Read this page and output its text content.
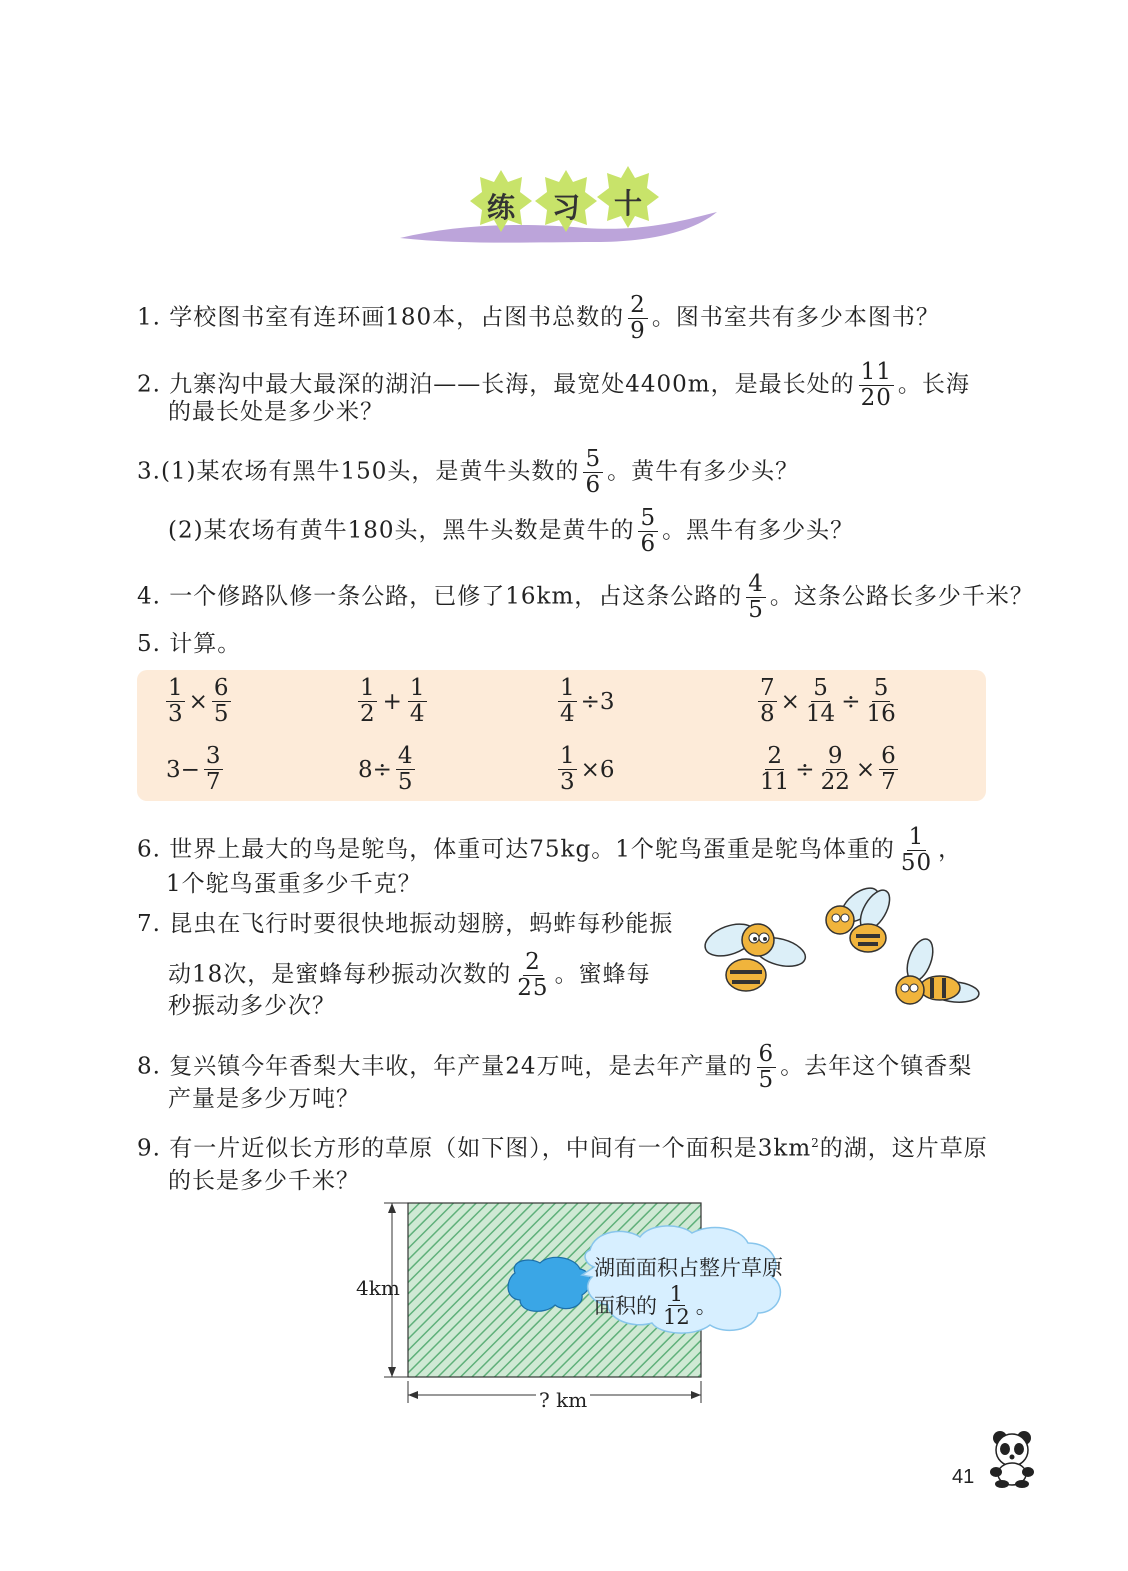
练	习	十
1. 学校图书室有连环画180本，占图书总数的 $\frac{2}{9}$ 。图书室共有多少本图书？
2. 九寨沟中最大最深的湖泊——长海，最宽处4400m，是最长处的 $\frac{11}{20}$ 。长海
的最长处是多少米？
3.(1)某农场有黑牛150头，是黄牛头数的 $\frac{5}{6}$ 。黄牛有多少头？
(2)某农场有黄牛180头，黑牛头数是黄牛的 $\frac{5}{6}$ 。黑牛有多少头？
4. 一个修路队修一条公路，已修了16km，占这条公路的 $\frac{4}{5}$ 。这条公路长多少千米？
5. 计算。
$\frac{1}{3} \times \frac{6}{5}$	$\frac{1}{2} + \frac{1}{4}$	$\frac{1}{4} \div 3$	$\frac{7}{8} \times \frac{5}{14} \div \frac{5}{16}$
$3- \frac{3}{7}$	$8\div \frac{4}{5}$	$\frac{1}{3} \times 6$	$\frac{2}{11} \div \frac{9}{22} \times \frac{6}{7}$
6. 世界上最大的鸟是鸵鸟，体重可达75kg。1个鸵鸟蛋重是鸵鸟体重的 $\frac{1}{50}$ ，
1个鸵鸟蛋重多少千克？
7. 昆虫在飞行时要很快地振动翅膀，蚂蚱每秒能振
动18次，是蜜蜂每秒振动次数的 $\frac{2}{25}$ 。蜜蜂每
秒振动多少次？
8. 复兴镇今年香梨大丰收，年产量24万吨，是去年产量的 $\frac{6}{5}$ 。去年这个镇香梨
产量是多少万吨？
9. 有一片近似长方形的草原（如下图），中间有一个面积是$3km^2$的湖，这片草原
的长是多少千米？
4km
? km
湖面面积占整片草原
面积的 $\frac{1}{12}$ 。
41
